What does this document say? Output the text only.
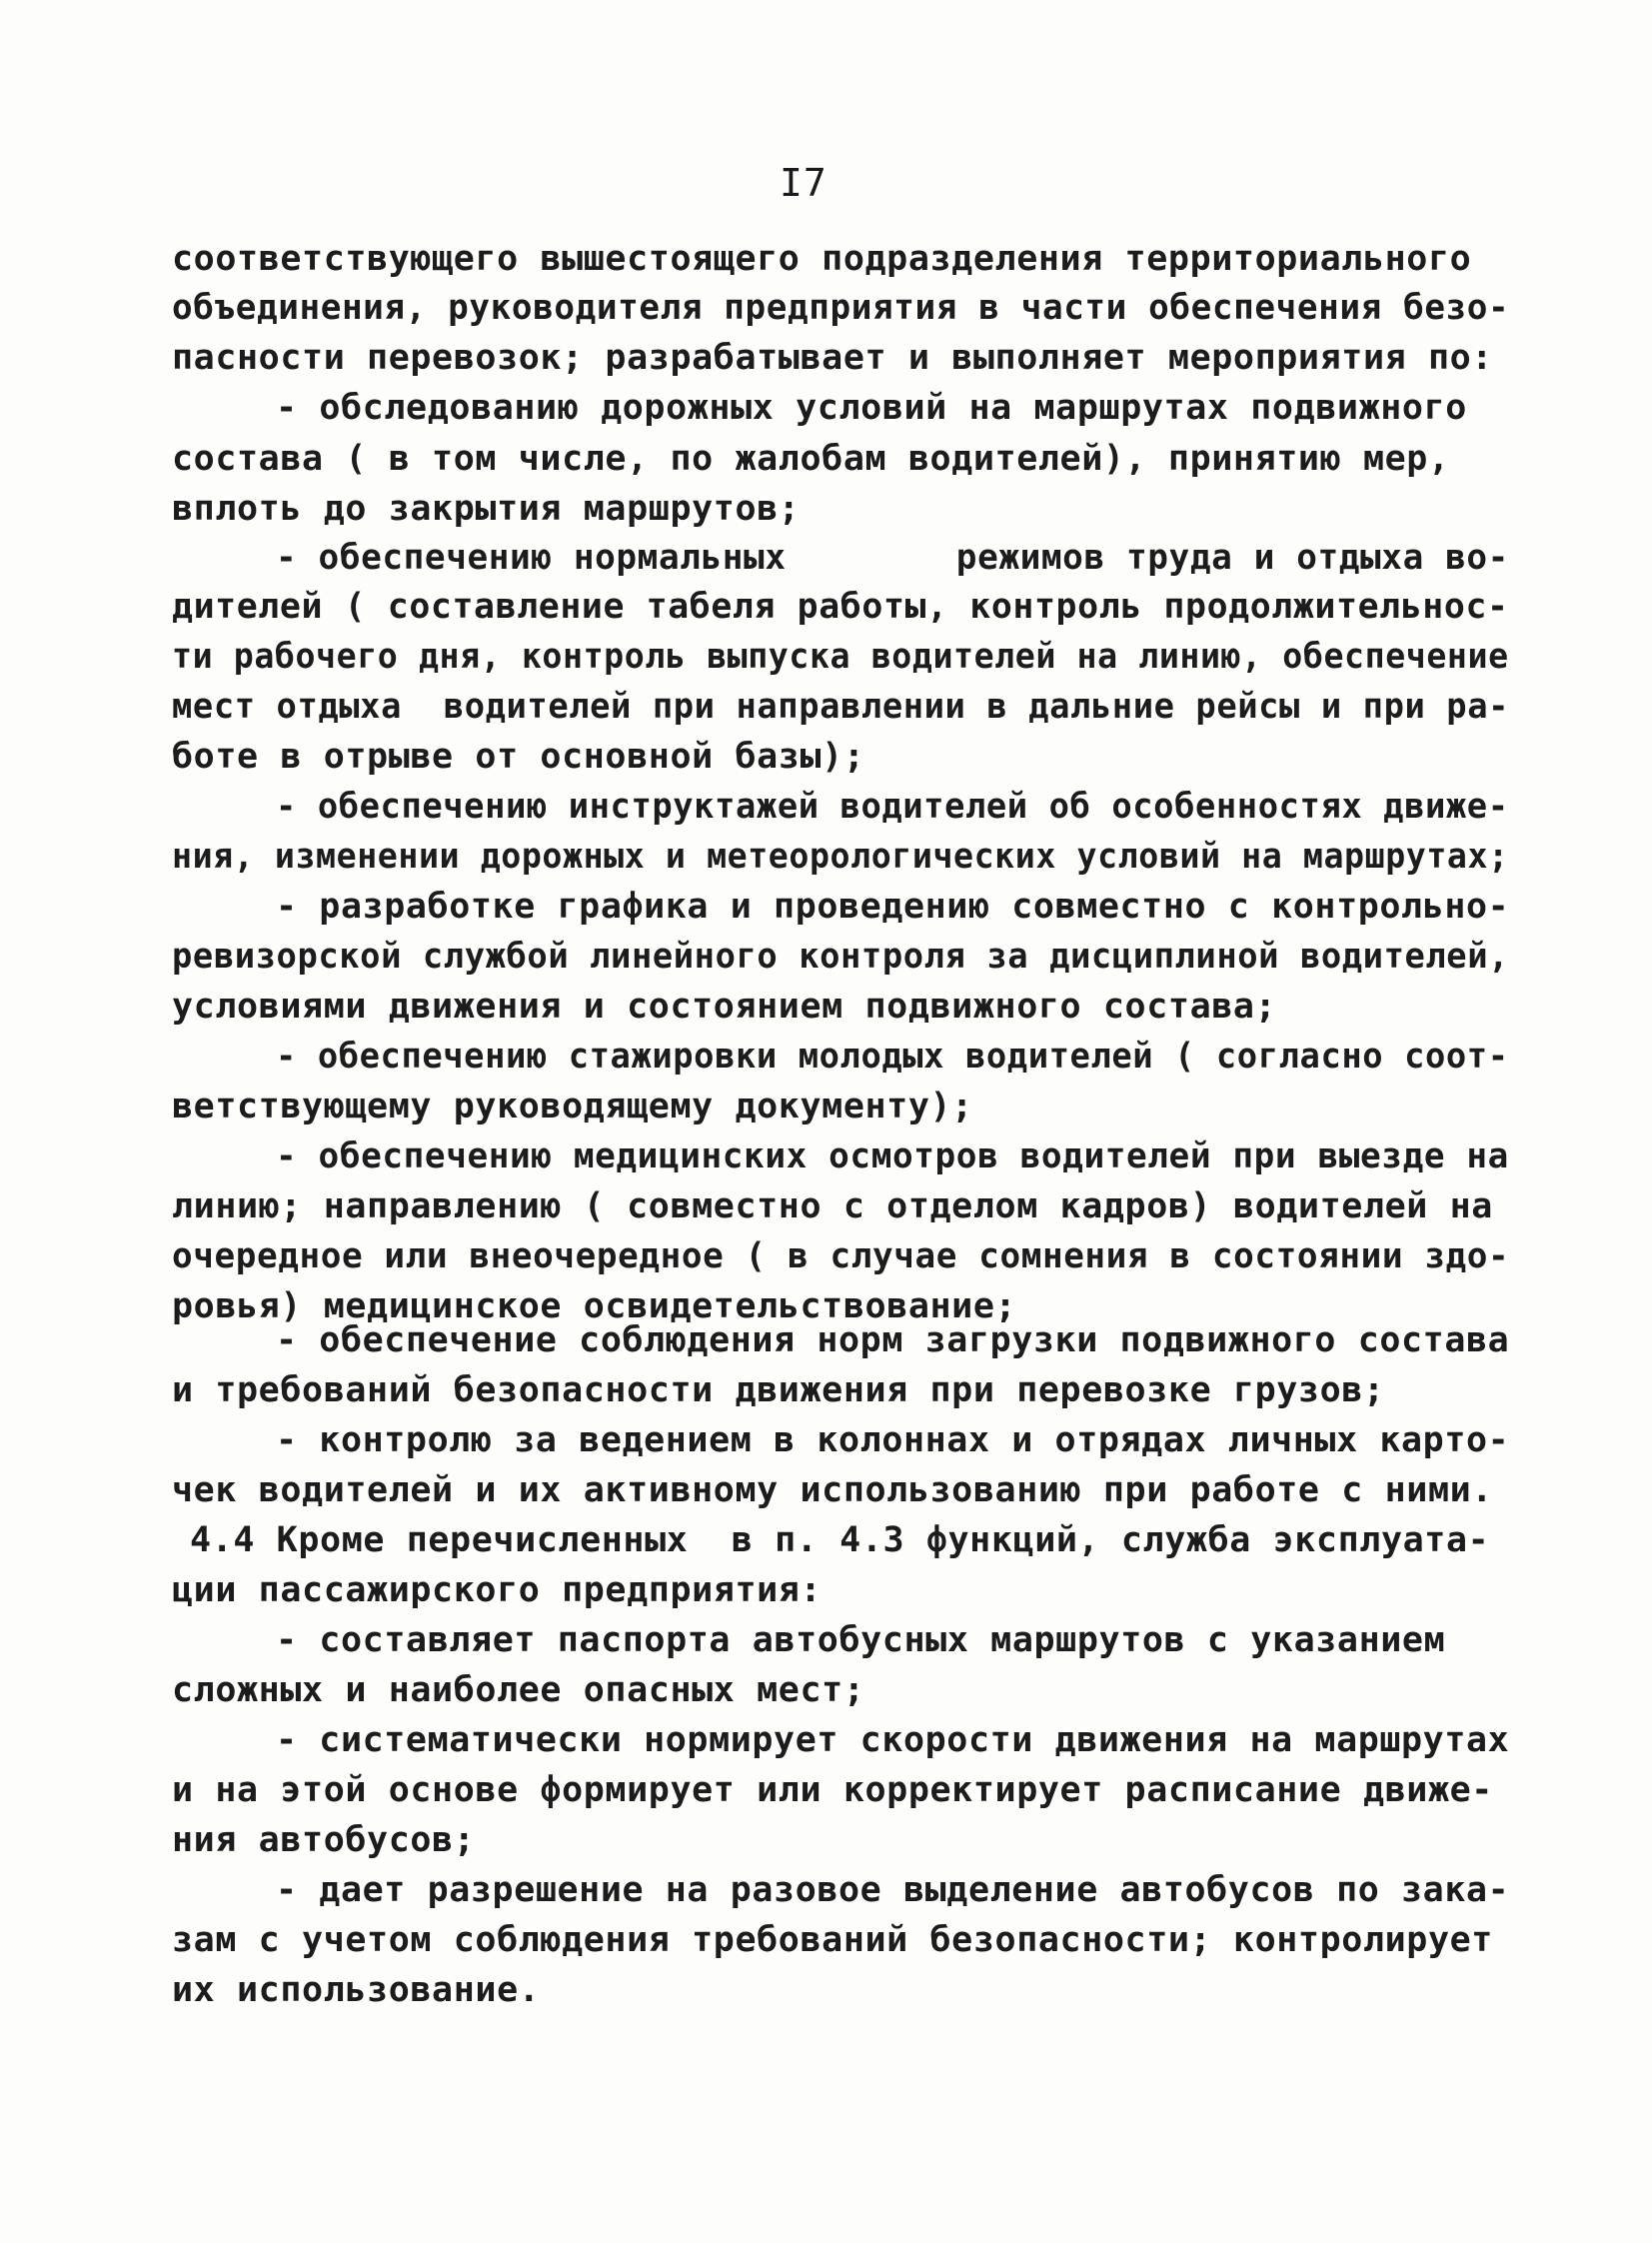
I7
соответствующего вышестоящего подразделения территориального
объединения, руководителя предприятия в части обеспечения безо-
пасности перевозок; разрабатывает и выполняет мероприятия по:
- обследованию дорожных условий на маршрутах подвижного
состава ( в том числе, по жалобам водителей), принятию мер,
вплоть до закрытия маршрутов;
- обеспечению нормальных        режимов труда и отдыха во-
дителей ( составление табеля работы, контроль продолжительнос-
ти рабочего дня, контроль выпуска водителей на линию, обеспечение
мест отдыха  водителей при направлении в дальние рейсы и при ра-
боте в отрыве от основной базы);
- обеспечению инструктажей водителей об особенностях движе-
ния, изменении дорожных и метеорологических условий на маршрутах;
- разработке графика и проведению совместно с контрольно-
ревизорской службой линейного контроля за дисциплиной водителей,
условиями движения и состоянием подвижного состава;
- обеспечению стажировки молодых водителей ( согласно соот-
ветствующему руководящему документу);
- обеспечению медицинских осмотров водителей при выезде на
линию; направлению ( совместно с отделом кадров) водителей на
очередное или внеочередное ( в случае сомнения в состоянии здо-
ровья) медицинское освидетельствование;
- обеспечение соблюдения норм загрузки подвижного состава
и требований безопасности движения при перевозке грузов;
- контролю за ведением в колоннах и отрядах личных карто-
чек водителей и их активному использованию при работе с ними.
4.4 Кроме перечисленных  в п. 4.3 функций, служба эксплуата-
ции пассажирского предприятия:
- составляет паспорта автобусных маршрутов с указанием
сложных и наиболее опасных мест;
- систематически нормирует скорости движения на маршрутах
и на этой основе формирует или корректирует расписание движе-
ния автобусов;
- дает разрешение на разовое выделение автобусов по зака-
зам с учетом соблюдения требований безопасности; контролирует
их использование.
